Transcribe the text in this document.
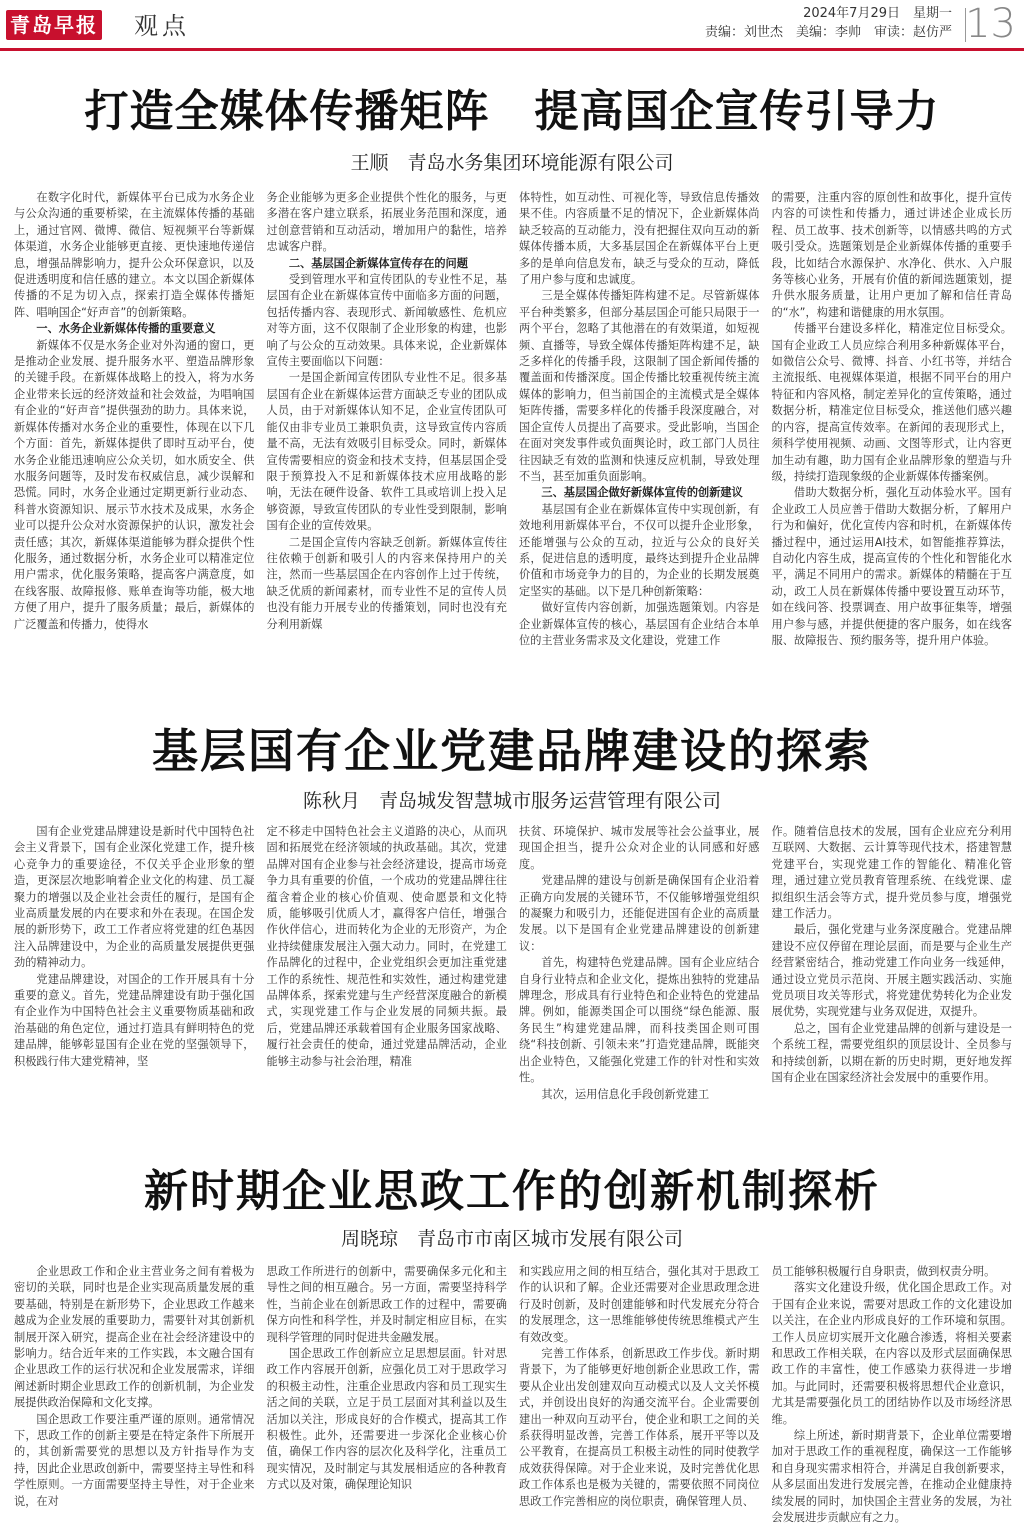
青岛早报 观点	2024年7月29日　星期一
责编：刘世杰　美编：李帅　审读：赵仿严 13
打造全媒体传播矩阵　提高国企宣传引导力
王顺　青岛水务集团环境能源有限公司

在数字化时代，新媒体平台已成为水务企业与公众沟通的重要桥梁，在主流媒体传播的基础上，通过官网、微博、微信、短视频平台等新媒体渠道，水务企业能够更直接、更快速地传递信息，增强品牌影响力，提升公众环保意识，以及促进透明度和信任感的建立。本文以国企新媒体传播的不足为切入点，探索打造全媒体传播矩阵、唱响国企“好声音”的创新策略。

一、水务企业新媒体传播的重要意义

新媒体不仅是水务企业对外沟通的窗口，更是推动企业发展、提升服务水平、塑造品牌形象的关键手段。在新媒体战略上的投入，将为水务企业带来长远的经济效益和社会效益，为唱响国有企业的“好声音”提供强劲的助力。具体来说，新媒体传播对水务企业的重要性，体现在以下几个方面：首先，新媒体提供了即时互动平台，使水务企业能迅速响应公众关切，如水质安全、供水服务问题等，及时发布权威信息，减少误解和恐慌。同时，水务企业通过定期更新行业动态、科普水资源知识、展示节水技术及成果，水务企业可以提升公众对水资源保护的认识，激发社会责任感；其次，新媒体渠道能够为群众提供个性化服务，通过数据分析，水务企业可以精准定位用户需求，优化服务策略，提高客户满意度，如在线客服、故障报修、账单查询等功能，极大地方便了用户，提升了服务质量；最后，新媒体的广泛覆盖和传播力，使得水

务企业能够为更多企业提供个性化的服务，与更多潜在客户建立联系，拓展业务范围和深度，通过创意营销和互动活动，增加用户的黏性，培养忠诚客户群。

二、基层国企新媒体宣传存在的问题

受到管理水平和宣传团队的专业性不足，基层国有企业在新媒体宣传中面临多方面的问题，包括传播内容、表现形式、新闻敏感性、危机应对等方面，这不仅限制了企业形象的构建，也影响了与公众的互动效果。具体来说，企业新媒体宣传主要面临以下问题：

一是国企新闻宣传团队专业性不足。很多基层国有企业在新媒体运营方面缺乏专业的团队成人员，由于对新媒体认知不足，企业宣传团队可能仅由非专业员工兼职负责，这导致宣传内容质量不高，无法有效吸引目标受众。同时，新媒体宣传需要相应的资金和技术支持，但基层国企受限于预算投入不足和新媒体技术应用战略的影响，无法在硬件设备、软件工具或培训上投入足够资源，导致宣传团队的专业性受到限制，影响国有企业的宣传效果。

二是国企宣传内容缺乏创新。新媒体宣传往往依赖于创新和吸引人的内容来保持用户的关注，然而一些基层国企在内容创作上过于传统，缺乏优质的新闻素材，而专业性不足的宣传人员也没有能力开展专业的传播策划，同时也没有充分利用新媒

体特性，如互动性、可视化等，导致信息传播效果不佳。内容质量不足的情况下，企业新媒体尚缺乏较高的互动能力，没有把握住双向互动的新媒体传播本质，大多基层国企在新媒体平台上更多的是单向信息发布，缺乏与受众的互动，降低了用户参与度和忠诚度。

三是全媒体传播矩阵构建不足。尽管新媒体平台种类繁多，但部分基层国企可能只局限于一两个平台，忽略了其他潜在的有效渠道，如短视频、直播等，导致全媒体传播矩阵构建不足，缺乏多样化的传播手段，这限制了国企新闻传播的覆盖面和传播深度。国企传播比较重视传统主流媒体的影响力，但当前国企的主流模式是全媒体矩阵传播，需要多样化的传播手段深度融合，对国企宣传人员提出了高要求。受此影响，当国企在面对突发事件或负面舆论时，政工部门人员往往因缺乏有效的监测和快速反应机制，导致处理不当，甚至加重负面影响。

三、基层国企做好新媒体宣传的创新建议

基层国有企业在新媒体宣传中实现创新，有效地利用新媒体平台，不仅可以提升企业形象，还能增强与公众的互动，拉近与公众的良好关系，促进信息的透明度，最终达到提升企业品牌价值和市场竞争力的目的，为企业的长期发展奠定坚实的基础。以下是几种创新策略：

做好宣传内容创新，加强选题策划。内容是企业新媒体宣传的核心，基层国有企业结合本单位的主营业务需求及文化建设，党建工作

的需要，注重内容的原创性和故事化，提升宣传内容的可读性和传播力，通过讲述企业成长历程、员工故事、技术创新等，以情感共鸣的方式吸引受众。选题策划是企业新媒体传播的重要手段，比如结合水源保护、水净化、供水、入户服务等核心业务，开展有价值的新闻选题策划，提升供水服务质量，让用户更加了解和信任青岛的“水”，构建和谐健康的用水氛围。

传播平台建设多样化，精准定位目标受众。国有企业政工人员应综合利用多种新媒体平台，如微信公众号、微博、抖音、小红书等，并结合主流报纸、电视媒体渠道，根据不同平台的用户特征和内容风格，制定差异化的宣传策略，通过数据分析，精准定位目标受众，推送他们感兴趣的内容，提高宣传效率。在新闻的表现形式上，须科学使用视频、动画、文图等形式，让内容更加生动有趣，助力国有企业品牌形象的塑造与升级，持续打造现象级的企业新媒体传播案例。

借助大数据分析，强化互动体验水平。国有企业政工人员应善于借助大数据分析，了解用户行为和偏好，优化宣传内容和时机，在新媒体传播过程中，通过运用AI技术，如智能推荐算法，自动化内容生成，提高宣传的个性化和智能化水平，满足不同用户的需求。新媒体的精髓在于互动，政工人员在新媒体传播中要设置互动环节，如在线问答、投票调查、用户故事征集等，增强用户参与感，并提供便捷的客户服务，如在线客服、故障报告、预约服务等，提升用户体验。

基层国有企业党建品牌建设的探索
陈秋月　青岛城发智慧城市服务运营管理有限公司

国有企业党建品牌建设是新时代中国特色社会主义背景下，国有企业深化党建工作，提升核心竞争力的重要途径，不仅关乎企业形象的塑造，更深层次地影响着企业文化的构建、员工凝聚力的增强以及企业社会责任的履行，是国有企业高质量发展的内在要求和外在表现。在国企发展的新形势下，政工工作者应将党建的红色基因注入品牌建设中，为企业的高质量发展提供更强劲的精神动力。

党建品牌建设，对国企的工作开展具有十分重要的意义。首先，党建品牌建设有助于强化国有企业作为中国特色社会主义重要物质基础和政治基础的角色定位，通过打造具有鲜明特色的党建品牌，能够彰显国有企业在党的坚强领导下，积极践行伟大建党精神，坚

定不移走中国特色社会主义道路的决心，从而巩固和拓展党在经济领域的执政基础。其次，党建品牌对国有企业参与社会经济建设，提高市场竞争力具有重要的价值，一个成功的党建品牌往往蕴含着企业的核心价值观、使命愿景和文化特质，能够吸引优质人才，赢得客户信任，增强合作伙伴信心，进而转化为企业的无形资产，为企业持续健康发展注入强大动力。同时，在党建工作品牌化的过程中，企业党组织会更加注重党建工作的系统性、规范性和实效性，通过构建党建品牌体系，探索党建与生产经营深度融合的新模式，实现党建工作与企业发展的同频共振。最后，党建品牌还承载着国有企业服务国家战略、履行社会责任的使命，通过党建品牌活动，企业能够主动参与社会治理，精准

扶贫、环境保护、城市发展等社会公益事业，展现国企担当，提升公众对企业的认同感和好感度。

党建品牌的建设与创新是确保国有企业沿着正确方向发展的关键环节，不仅能够增强党组织的凝聚力和吸引力，还能促进国有企业的高质量发展。以下是国有企业党建品牌建设的创新建议：

首先，构建特色党建品牌。国有企业应结合自身行业特点和企业文化，提炼出独特的党建品牌理念，形成具有行业特色和企业特色的党建品牌。例如，能源类国企可以围绕“绿色能源、服务民生”构建党建品牌，而科技类国企则可围绕“科技创新、引领未来”打造党建品牌，既能突出企业特色，又能强化党建工作的针对性和实效性。

其次，运用信息化手段创新党建工

作。随着信息技术的发展，国有企业应充分利用互联网、大数据、云计算等现代技术，搭建智慧党建平台，实现党建工作的智能化、精准化管理，通过建立党员教育管理系统、在线党课、虚拟组织生活会等方式，提升党员参与度，增强党建工作活力。

最后，强化党建与业务深度融合。党建品牌建设不应仅停留在理论层面，而是要与企业生产经营紧密结合，推动党建工作向业务一线延伸，通过设立党员示范岗、开展主题实践活动、实施党员项目攻关等形式，将党建优势转化为企业发展优势，实现党建与业务双促进，双提升。

总之，国有企业党建品牌的创新与建设是一个系统工程，需要党组织的顶层设计、全员参与和持续创新，以期在新的历史时期，更好地发挥国有企业在国家经济社会发展中的重要作用。

新时期企业思政工作的创新机制探析
周晓琼　青岛市市南区城市发展有限公司

企业思政工作和企业主营业务之间有着极为密切的关联，同时也是企业实现高质量发展的重要基础，特别是在新形势下，企业思政工作越来越成为企业发展的重要助力，需要针对其创新机制展开深入研究，提高企业在社会经济建设中的影响力。结合近年来的工作实践，本文融合国有企业思政工作的运行状况和企业发展需求，详细阐述新时期企业思政工作的创新机制，为企业发展提供政治保障和文化支撑。

国企思政工作要注重严谨的原则。通常情况下，思政工作的创新主要是在特定条件下所展开的，其创新需要党的思想以及方针指导作为支持，因此企业思政创新中，需要坚持主导性和科学性原则。一方面需要坚持主导性，对于企业来说，在对

思政工作所进行的创新中，需要确保多元化和主导性之间的相互融合。另一方面，需要坚持科学性，当前企业在创新思政工作的过程中，需要确保方向性和科学性，并及时制定相应目标，在实现科学管理的同时促进共金融发展。

国企思政工作创新应立足思想层面。针对思政工作内容展开创新，应强化员工对于思政学习的积极主动性，注重企业思政内容和员工现实生活之间的关联，立足于员工层面对其利益以及生活加以关注，形成良好的合作模式，提高其工作积极性。此外，还需要进一步深化企业核心价值，确保工作内容的层次化及科学化，注重员工现实情况，及时制定与其发展相适应的各种教育方式以及对策，确保理论知识

和实践应用之间的相互结合，强化其对于思政工作的认识和了解。企业还需要对企业思政理念进行及时创新，及时创建能够和时代发展充分符合的发展理念，这一思维能够使传统思维模式产生有效改变。

完善工作体系，创新思政工作步伐。新时期背景下，为了能够更好地创新企业思政工作，需要从企业出发创建双向互动模式以及人文关怀模式，并创设出良好的沟通交流平台。企业需要创建出一种双向互动平台，使企业和职工之间的关系获得明显改善，完善工作体系，展开平等以及公平教育，在提高员工积极主动性的同时使教学成效获得保障。对于企业来说，及时完善优化思政工作体系也是极为关键的，需要依照不同岗位思政工作完善相应的岗位职责，确保管理人员、

员工能够积极履行自身职责，做到权责分明。

落实文化建设升级，优化国企思政工作。对于国有企业来说，需要对思政工作的文化建设加以关注，在企业内形成良好的工作环境和氛围。工作人员应切实展开文化融合渗透，将相关要素和思政工作相关联，在内容以及形式层面确保思政工作的丰富性，使工作感染力获得进一步增加。与此同时，还需要积极将思想代企业意识，尤其是需要强化员工的团结协作以及市场经济思维。

综上所述，新时期背景下，企业单位需要增加对于思政工作的重视程度，确保这一工作能够和自身现实需求相符合，并满足自我创新要求，从多层面出发进行发展完善，在推动企业健康持续发展的同时，加快国企主营业务的发展，为社会发展进步贡献应有之力。
